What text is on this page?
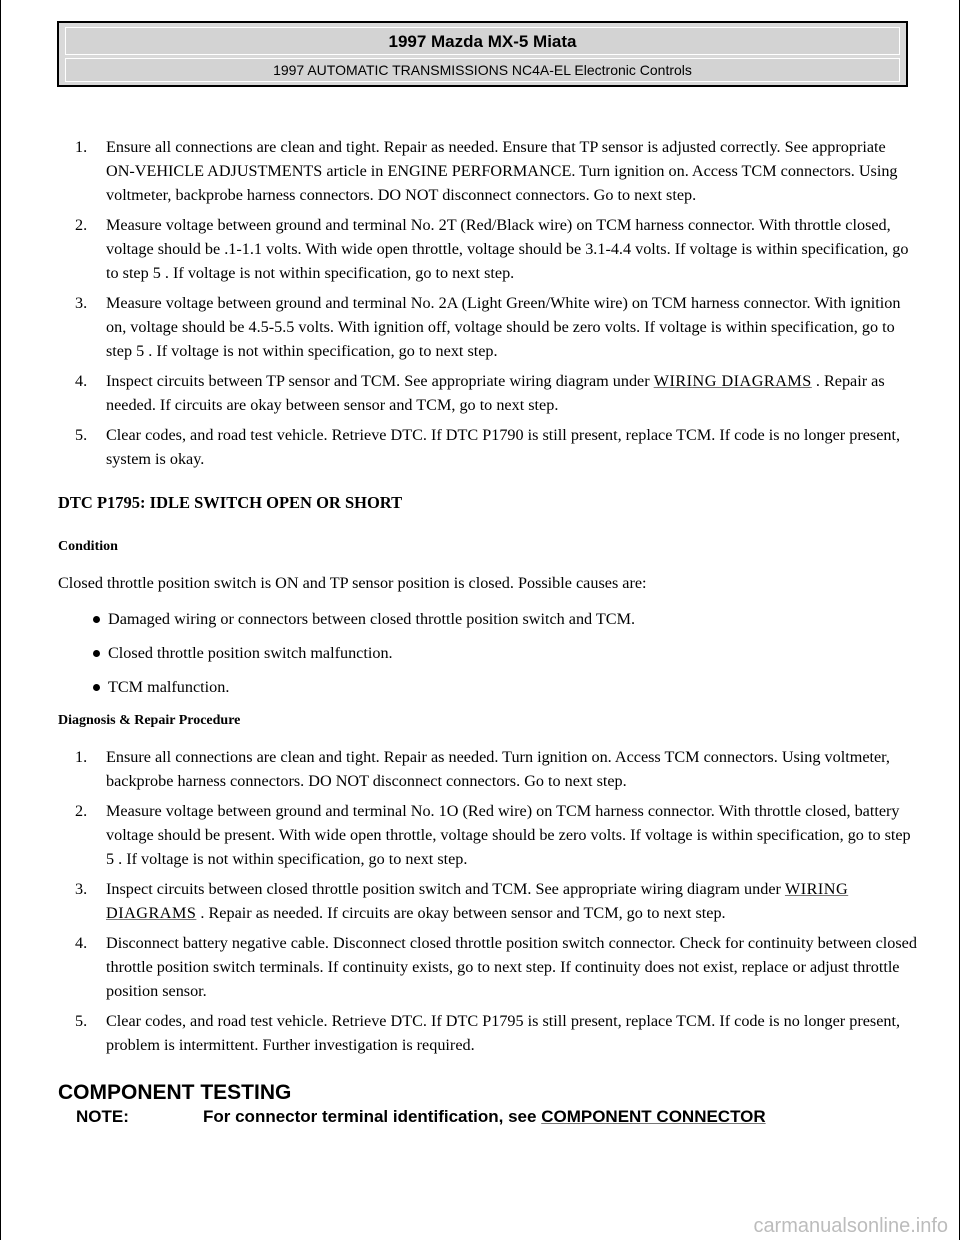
1997 Mazda MX-5 Miata
1997 AUTOMATIC TRANSMISSIONS NC4A-EL Electronic Controls
1. Ensure all connections are clean and tight. Repair as needed. Ensure that TP sensor is adjusted correctly. See appropriate ON-VEHICLE ADJUSTMENTS article in ENGINE PERFORMANCE. Turn ignition on. Access TCM connectors. Using voltmeter, backprobe harness connectors. DO NOT disconnect connectors. Go to next step.
2. Measure voltage between ground and terminal No. 2T (Red/Black wire) on TCM harness connector. With throttle closed, voltage should be .1-1.1 volts. With wide open throttle, voltage should be 3.1-4.4 volts. If voltage is within specification, go to step 5 . If voltage is not within specification, go to next step.
3. Measure voltage between ground and terminal No. 2A (Light Green/White wire) on TCM harness connector. With ignition on, voltage should be 4.5-5.5 volts. With ignition off, voltage should be zero volts. If voltage is within specification, go to step 5 . If voltage is not within specification, go to next step.
4. Inspect circuits between TP sensor and TCM. See appropriate wiring diagram under WIRING DIAGRAMS . Repair as needed. If circuits are okay between sensor and TCM, go to next step.
5. Clear codes, and road test vehicle. Retrieve DTC. If DTC P1790 is still present, replace TCM. If code is no longer present, system is okay.
DTC P1795: IDLE SWITCH OPEN OR SHORT
Condition

Closed throttle position switch is ON and TP sensor position is closed. Possible causes are:

Damaged wiring or connectors between closed throttle position switch and TCM.
Closed throttle position switch malfunction.
TCM malfunction.
Diagnosis & Repair Procedure
1. Ensure all connections are clean and tight. Repair as needed. Turn ignition on. Access TCM connectors. Using voltmeter, backprobe harness connectors. DO NOT disconnect connectors. Go to next step.
2. Measure voltage between ground and terminal No. 1O (Red wire) on TCM harness connector. With throttle closed, battery voltage should be present. With wide open throttle, voltage should be zero volts. If voltage is within specification, go to step 5 . If voltage is not within specification, go to next step.
3. Inspect circuits between closed throttle position switch and TCM. See appropriate wiring diagram under WIRING DIAGRAMS . Repair as needed. If circuits are okay between sensor and TCM, go to next step.
4. Disconnect battery negative cable. Disconnect closed throttle position switch connector. Check for continuity between closed throttle position switch terminals. If continuity exists, go to next step. If continuity does not exist, replace or adjust throttle position sensor.
5. Clear codes, and road test vehicle. Retrieve DTC. If DTC P1795 is still present, replace TCM. If code is no longer present, problem is intermittent. Further investigation is required.
COMPONENT TESTING
NOTE:	For connector terminal identification, see COMPONENT CONNECTOR
carmanualsonline.info
